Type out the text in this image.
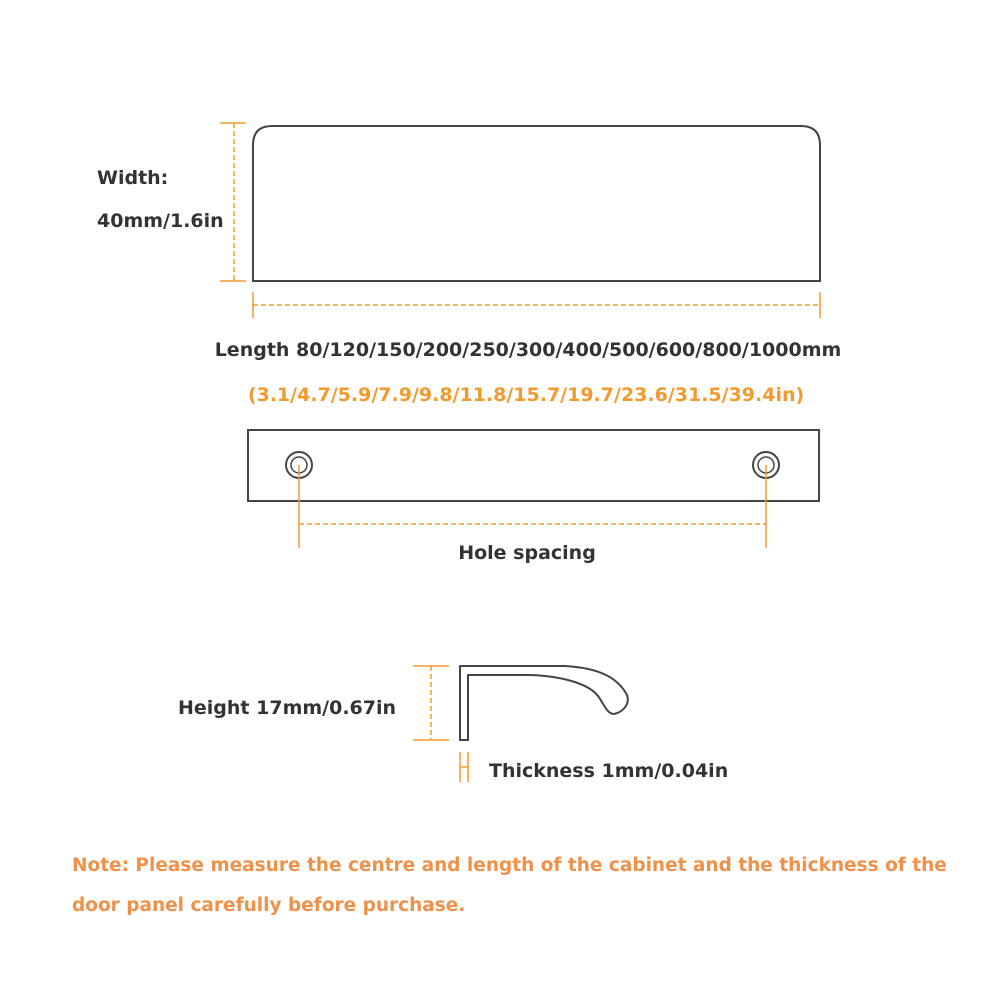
Width:
40mm/1.6in
Length 80/120/150/200/250/300/400/500/600/800/1000mm
(3.1/4.7/5.9/7.9/9.8/11.8/15.7/19.7/23.6/31.5/39.4in)
Hole spacing
Height 17mm/0.67in
Thickness 1mm/0.04in
Note: Please measure the centre and length of the cabinet and the thickness of the door panel carefully before purchase.
